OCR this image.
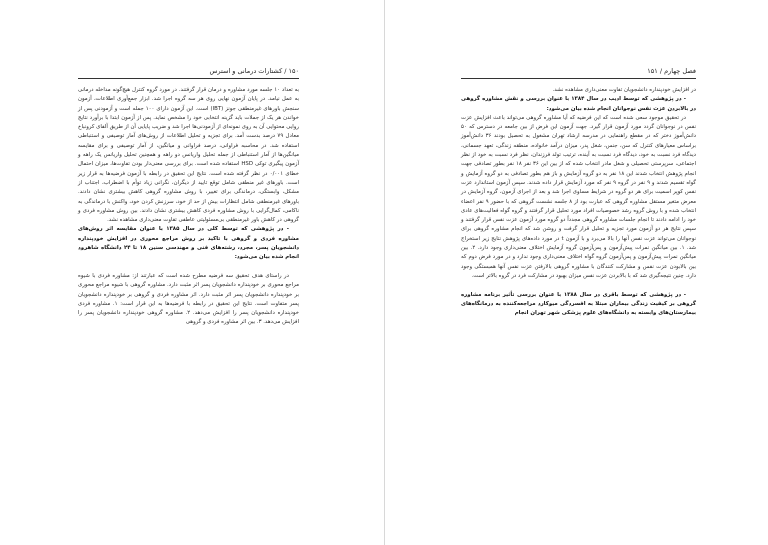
۱۵۰ / کشتارات درمانی و استرس

به تعداد ۱۰ جلسه مورد مشاوره و درمان قرار گرفتند. در مورد گروه کنترل هیچ‌گونه مداخله درمانی به عمل نیامد. در پایان آزمون نهایی روی هر سه گروه اجرا شد. ابزار جمع‌آوری اطلاعات، آزمون سنجش باورهای غیرمنطقی جونز (IBT) است. این آزمون دارای ۱۰۰ جمله است و آزمودنی پس از خواندن هر یک از جملات باید گزینه انتخابی خود را مشخص نماید. پس از آزمون ابتدا با برآورد نتایج روایی محتوایی آن به روی نمونه‌ای از آزمودنی‌ها اجرا شد و ضریب پایایی آن از طریق آلفای کرونباخ معادل ۷۹ درصد بدست آمد. برای تجزیه و تحلیل اطلاعات از روش‌های آمار توصیفی و استنباطی استفاده شد. در محاسبه فراوانی، درصد فراوانی و میانگین، از آمار توصیفی و برای مقایسه میانگین‌ها از آمار استنباطی از جمله تحلیل واریانس دو راهه و همچنین تحلیل واریانس یک راهه و آزمون پیگیری توکی HSD استفاده شده است. برای بررسی معنی‌دار بودن تفاوت‌ها، میزان احتمال خطای ۰/۰۰۱ در نظر گرفته شده است. نتایج این تحقیق در رابطه با آزمون فرضیه‌ها به قرار زیر است. باورهای غیر منطقی شامل توقع تایید از دیگران، نگرانی زیاد توأم با اضطراب، اجتناب از مشکل، وابستگی، درماندگی برای تغییر، با روش مشاوره گروهی کاهش بیشتری نشان دادند. باورهای غیرمنطقی شامل انتظارات بیش از حد از خود، سرزنش کردن خود، واکنش با درماندگی به ناکامی، کمال‌گرایی با روش مشاوره فردی کاهش بیشتری نشان دادند. بین روش مشاوره فردی و گروهی در کاهش باور غیرمنطقی بی‌مسئولیتی عاطفی تفاوت معنی‌داری مشاهده نشد.

- در پژوهشی که توسط کلی در سال ۱۳۸۵ با عنوان مقایسه اثر روش‌های مشاوره فردی و گروهی با تاکید بر روش مراجع محوری در افزایش خودپنداره دانشجویان پسر، مجرد، رشته‌های فنی و مهندسی سنین ۱۸ تا ۲۴ دانشگاه شاهرود انجام شده بیان می‌شود:

در راستای هدف تحقیق سه فرضیه مطرح شده است که عبارتند از: مشاوره فردی با شیوه مراجع محوری بر خودپنداره دانشجویان پسر اثر مثبت دارد. مشاوره گروهی با شیوه مراجع محوری بر خودپنداره دانشجویان پسر اثر مثبت دارد. اثر مشاوره فردی و گروهی بر خودپنداره دانشجویان پسر متفاوت است. نتایج این تحقیق در رابطه با فرضیه‌ها به این قرار است: ۱. مشاوره فردی خودپنداره دانشجویان پسر را افزایش می‌دهد. ۲. مشاوره گروهی خودپنداره دانشجویان پسر را افزایش می‌دهد. ۳. بین اثر مشاوره فردی و گروهی

فصل چهارم / ۱۵۱

در افزایش خودپنداره دانشجویان تفاوت معنی‌داری مشاهده نشد.

- در پژوهشی که توسط ادیب در سال ۱۳۸۴ با عنوان بررسی و نقش مشاوره گروهی در بالابردن عزت نفس نوجوانان انجام شده بیان می‌شود:

در تحقیق موجود سعی شده است که این فرضیه که آیا مشاوره گروهی می‌تواند باعث افزایش عزت نفس در نوجوانان گردد مورد آزمون قرار گیرد. جهت آزمون این فرض از بین جامعه در دسترس که ۵۰ دانش‌آموز دختر که در مقطع راهنمایی در مدرسه ارشاد تهران مشغول به تحصیل بودند ۳۶ دانش‌آموز براساس معیارهای کنترل که سن، جنس، شغل پدر، میزان درآمد خانواده، منطقه زندگی، تعهد جسمانی، دیدگاه فرد نسبت به خود، دیدگاه فرد نسبت به آینده، ترتیب تولد فرزندان، نظر فرد نسبت به خود از نظر اجتماعی، سرپرستی تحصیلی و شغل مادر انتخاب شده که از بین این ۳۶ نفر ۱۸ نفر بطور تصادفی جهت انجام پژوهش انتخاب شدند این ۱۸ نفر به دو گروه آزمایش و باز هم بطور تصادفی به دو گروه آزمایش و گواه تقسیم شدند و ۹ نفر در گروه ۹ نفر که مورد آزمایش قرار داده شدند. سپس آزمون استاندارد عزت نفس کوپر اسمیت برای هر دو گروه در شرایط مساوی اجرا شد و بعد از اجرای آزمون، گروه آزمایش در معرض متغیر مستقل مشاوره گروهی که عبارت بود از ۸ جلسه نشست گروهی که با حضور ۹ نفر اعضاء انتخاب شده و با روش گروه رشد خصوصیات افراد مورد تحلیل قرار گرفتند و گروه گواه فعالیت‌های عادی خود را ادامه دادند تا انجام جلسات مشاوره گروهی مجدداً دو گروه مورد آزمون عزت نفس قرار گرفتند و سپس نتایج هر دو آزمون مورد تجزیه و تحلیل قرار گرفت و روشن شد که انجام مشاوره گروهی برای نوجوانان می‌تواند عزت نفس آنها را بالا می‌برد و با آزمون t در مورد داده‌های پژوهش نتایج زیر استخراج شد. ۱. بین میانگین نمرات پیش‌آزمون و پس‌آزمون گروه آزمایش اختلاف معنی‌داری وجود دارد. ۲. بین میانگین نمرات پیش‌آزمون و پس‌آزمون گروه گواه اختلاف معنی‌داری وجود ندارد و در مورد فرض دوم که بین بالابودن عزت نفس و مشارکت کنندگان با مشاوره گروهی بالارفتن عزت نفس آنها همبستگی وجود دارد. چنین نتیجه‌گیری شد که با بالابردن عزت نفس میزان بهبود در مشارکت فرد در گروه بالاتر است.

- در پژوهشی که توسط باقری در سال ۱۳۸۸ با عنوان بررسی تأثیر برنامه مشاوره گروهی بر کیفیت زندگی بیماران مبتلا به افسردگی میوکارد مراجعه‌کننده به درمانگاه‌های بیمارستان‌های وابسته به دانشگاه‌های علوم پزشکی شهر تهران انجام
